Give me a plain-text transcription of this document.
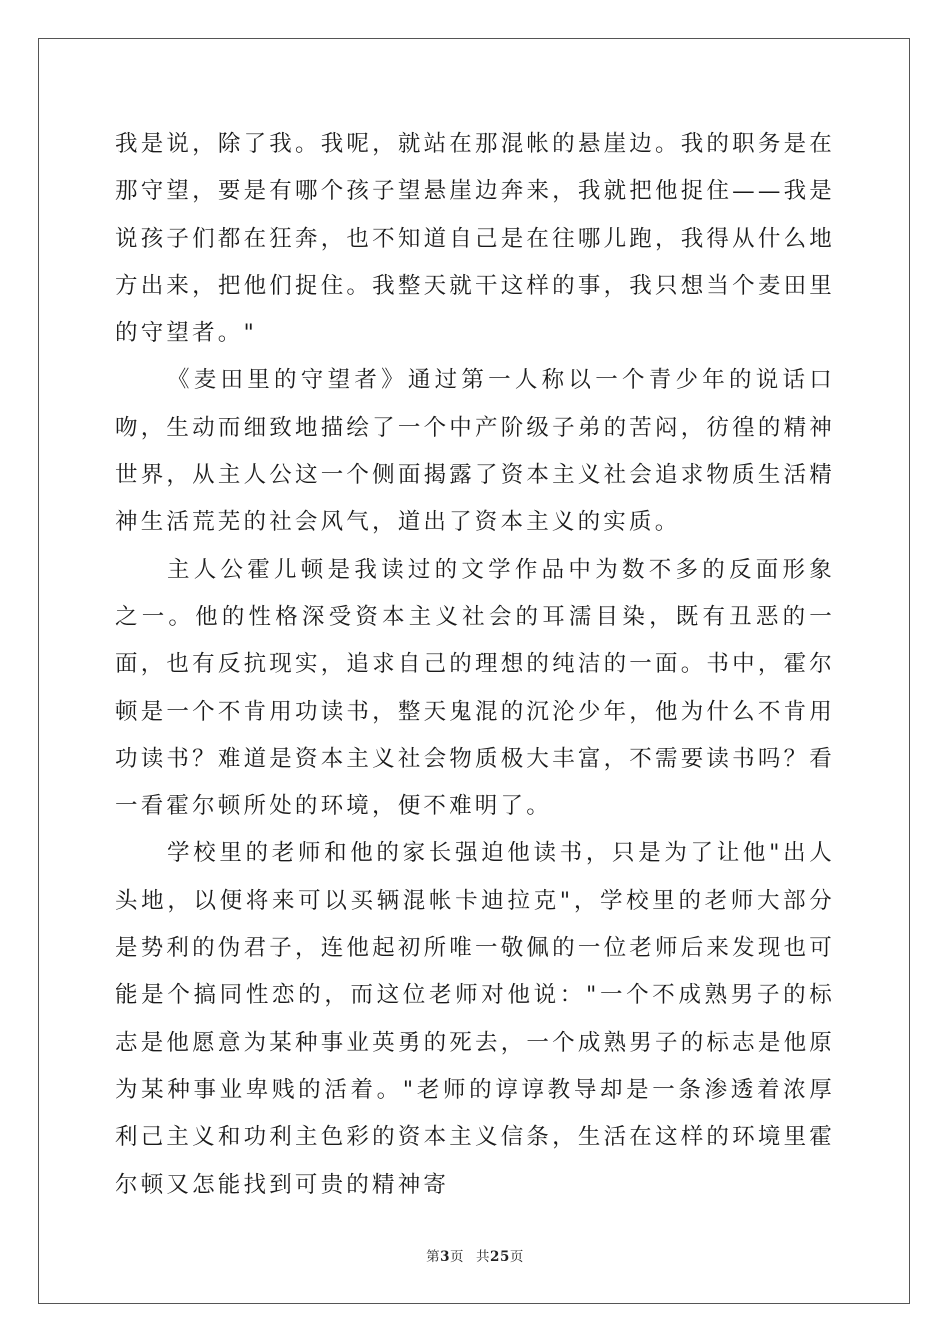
我是说，除了我。我呢，就站在那混帐的悬崖边。我的职务是在那守望，要是有哪个孩子望悬崖边奔来，我就把他捉住——我是说孩子们都在狂奔，也不知道自己是在往哪儿跑，我得从什么地方出来，把他们捉住。我整天就干这样的事，我只想当个麦田里的守望者。"

《麦田里的守望者》通过第一人称以一个青少年的说话口吻，生动而细致地描绘了一个中产阶级子弟的苦闷，彷徨的精神世界，从主人公这一个侧面揭露了资本主义社会追求物质生活精神生活荒芜的社会风气，道出了资本主义的实质。

主人公霍儿顿是我读过的文学作品中为数不多的反面形象之一。他的性格深受资本主义社会的耳濡目染，既有丑恶的一面，也有反抗现实，追求自己的理想的纯洁的一面。书中，霍尔顿是一个不肯用功读书，整天鬼混的沉沦少年，他为什么不肯用功读书？难道是资本主义社会物质极大丰富，不需要读书吗？看一看霍尔顿所处的环境，便不难明了。

学校里的老师和他的家长强迫他读书，只是为了让他"出人头地，以便将来可以买辆混帐卡迪拉克"，学校里的老师大部分是势利的伪君子，连他起初所唯一敬佩的一位老师后来发现也可能是个搞同性恋的，而这位老师对他说："一个不成熟男子的标志是他愿意为某种事业英勇的死去，一个成熟男子的标志是他原为某种事业卑贱的活着。"老师的谆谆教导却是一条渗透着浓厚利己主义和功利主色彩的资本主义信条，生活在这样的环境里霍尔顿又怎能找到可贵的精神寄

第3页 共25页
